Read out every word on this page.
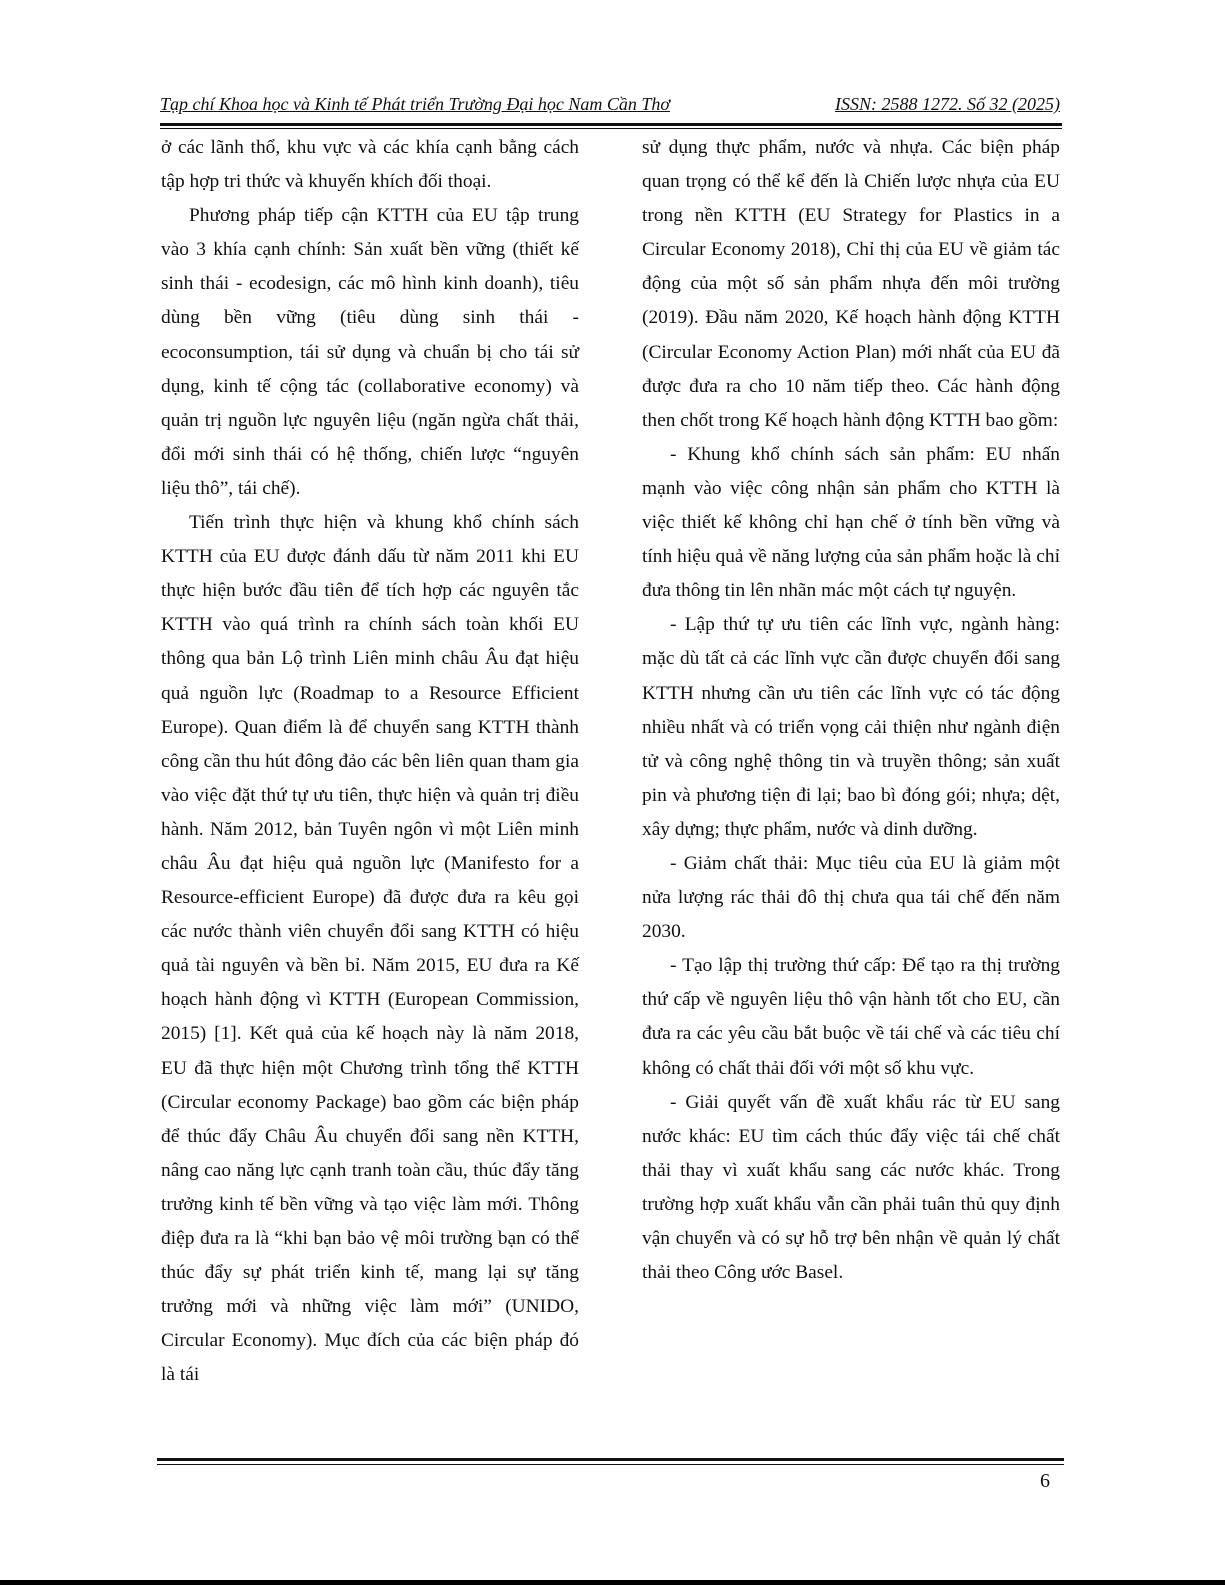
Tạp chí Khoa học và Kinh tế Phát triển Trường Đại học Nam Cần Thơ	ISSN: 2588 1272. Số 32 (2025)

ở các lãnh thổ, khu vực và các khía cạnh bằng cách tập hợp tri thức và khuyến khích đối thoại.

Phương pháp tiếp cận KTTH của EU tập trung vào 3 khía cạnh chính: Sản xuất bền vững (thiết kế sinh thái - ecodesign, các mô hình kinh doanh), tiêu dùng bền vững (tiêu dùng sinh thái - ecoconsumption, tái sử dụng và chuẩn bị cho tái sử dụng, kinh tế cộng tác (collaborative economy) và quản trị nguồn lực nguyên liệu (ngăn ngừa chất thải, đổi mới sinh thái có hệ thống, chiến lược “nguyên liệu thô”, tái chế).

Tiến trình thực hiện và khung khổ chính sách KTTH của EU được đánh dấu từ năm 2011 khi EU thực hiện bước đầu tiên để tích hợp các nguyên tắc KTTH vào quá trình ra chính sách toàn khối EU thông qua bản Lộ trình Liên minh châu Âu đạt hiệu quả nguồn lực (Roadmap to a Resource Efficient Europe). Quan điểm là để chuyển sang KTTH thành công cần thu hút đông đảo các bên liên quan tham gia vào việc đặt thứ tự ưu tiên, thực hiện và quản trị điều hành. Năm 2012, bản Tuyên ngôn vì một Liên minh châu Âu đạt hiệu quả nguồn lực (Manifesto for a Resource-efficient Europe) đã được đưa ra kêu gọi các nước thành viên chuyển đổi sang KTTH có hiệu quả tài nguyên và bền bỉ. Năm 2015, EU đưa ra Kế hoạch hành động vì KTTH (European Commission, 2015) [1]. Kết quả của kế hoạch này là năm 2018, EU đã thực hiện một Chương trình tổng thể KTTH (Circular economy Package) bao gồm các biện pháp để thúc đẩy Châu Âu chuyển đổi sang nền KTTH, nâng cao năng lực cạnh tranh toàn cầu, thúc đẩy tăng trưởng kinh tế bền vững và tạo việc làm mới. Thông điệp đưa ra là “khi bạn bảo vệ môi trường bạn có thể thúc đẩy sự phát triển kinh tế, mang lại sự tăng trưởng mới và những việc làm mới” (UNIDO, Circular Economy). Mục đích của các biện pháp đó là tái

sử dụng thực phẩm, nước và nhựa. Các biện pháp quan trọng có thể kể đến là Chiến lược nhựa của EU trong nền KTTH (EU Strategy for Plastics in a Circular Economy 2018), Chỉ thị của EU về giảm tác động của một số sản phẩm nhựa đến môi trường (2019). Đầu năm 2020, Kế hoạch hành động KTTH (Circular Economy Action Plan) mới nhất của EU đã được đưa ra cho 10 năm tiếp theo. Các hành động then chốt trong Kế hoạch hành động KTTH bao gồm:

- Khung khổ chính sách sản phẩm: EU nhấn mạnh vào việc công nhận sản phẩm cho KTTH là việc thiết kế không chỉ hạn chế ở tính bền vững và tính hiệu quả về năng lượng của sản phẩm hoặc là chỉ đưa thông tin lên nhãn mác một cách tự nguyện.

- Lập thứ tự ưu tiên các lĩnh vực, ngành hàng: mặc dù tất cả các lĩnh vực cần được chuyển đổi sang KTTH nhưng cần ưu tiên các lĩnh vực có tác động nhiều nhất và có triển vọng cải thiện như ngành điện tử và công nghệ thông tin và truyền thông; sản xuất pin và phương tiện đi lại; bao bì đóng gói; nhựa; dệt, xây dựng; thực phẩm, nước và dinh dưỡng.

- Giảm chất thải: Mục tiêu của EU là giảm một nửa lượng rác thải đô thị chưa qua tái chế đến năm 2030.

- Tạo lập thị trường thứ cấp: Để tạo ra thị trường thứ cấp về nguyên liệu thô vận hành tốt cho EU, cần đưa ra các yêu cầu bắt buộc về tái chế và các tiêu chí không có chất thải đối với một số khu vực.

- Giải quyết vấn đề xuất khẩu rác từ EU sang nước khác: EU tìm cách thúc đẩy việc tái chế chất thải thay vì xuất khẩu sang các nước khác. Trong trường hợp xuất khẩu vẫn cần phải tuân thủ quy định vận chuyển và có sự hỗ trợ bên nhận về quản lý chất thải theo Công ước Basel.

6
